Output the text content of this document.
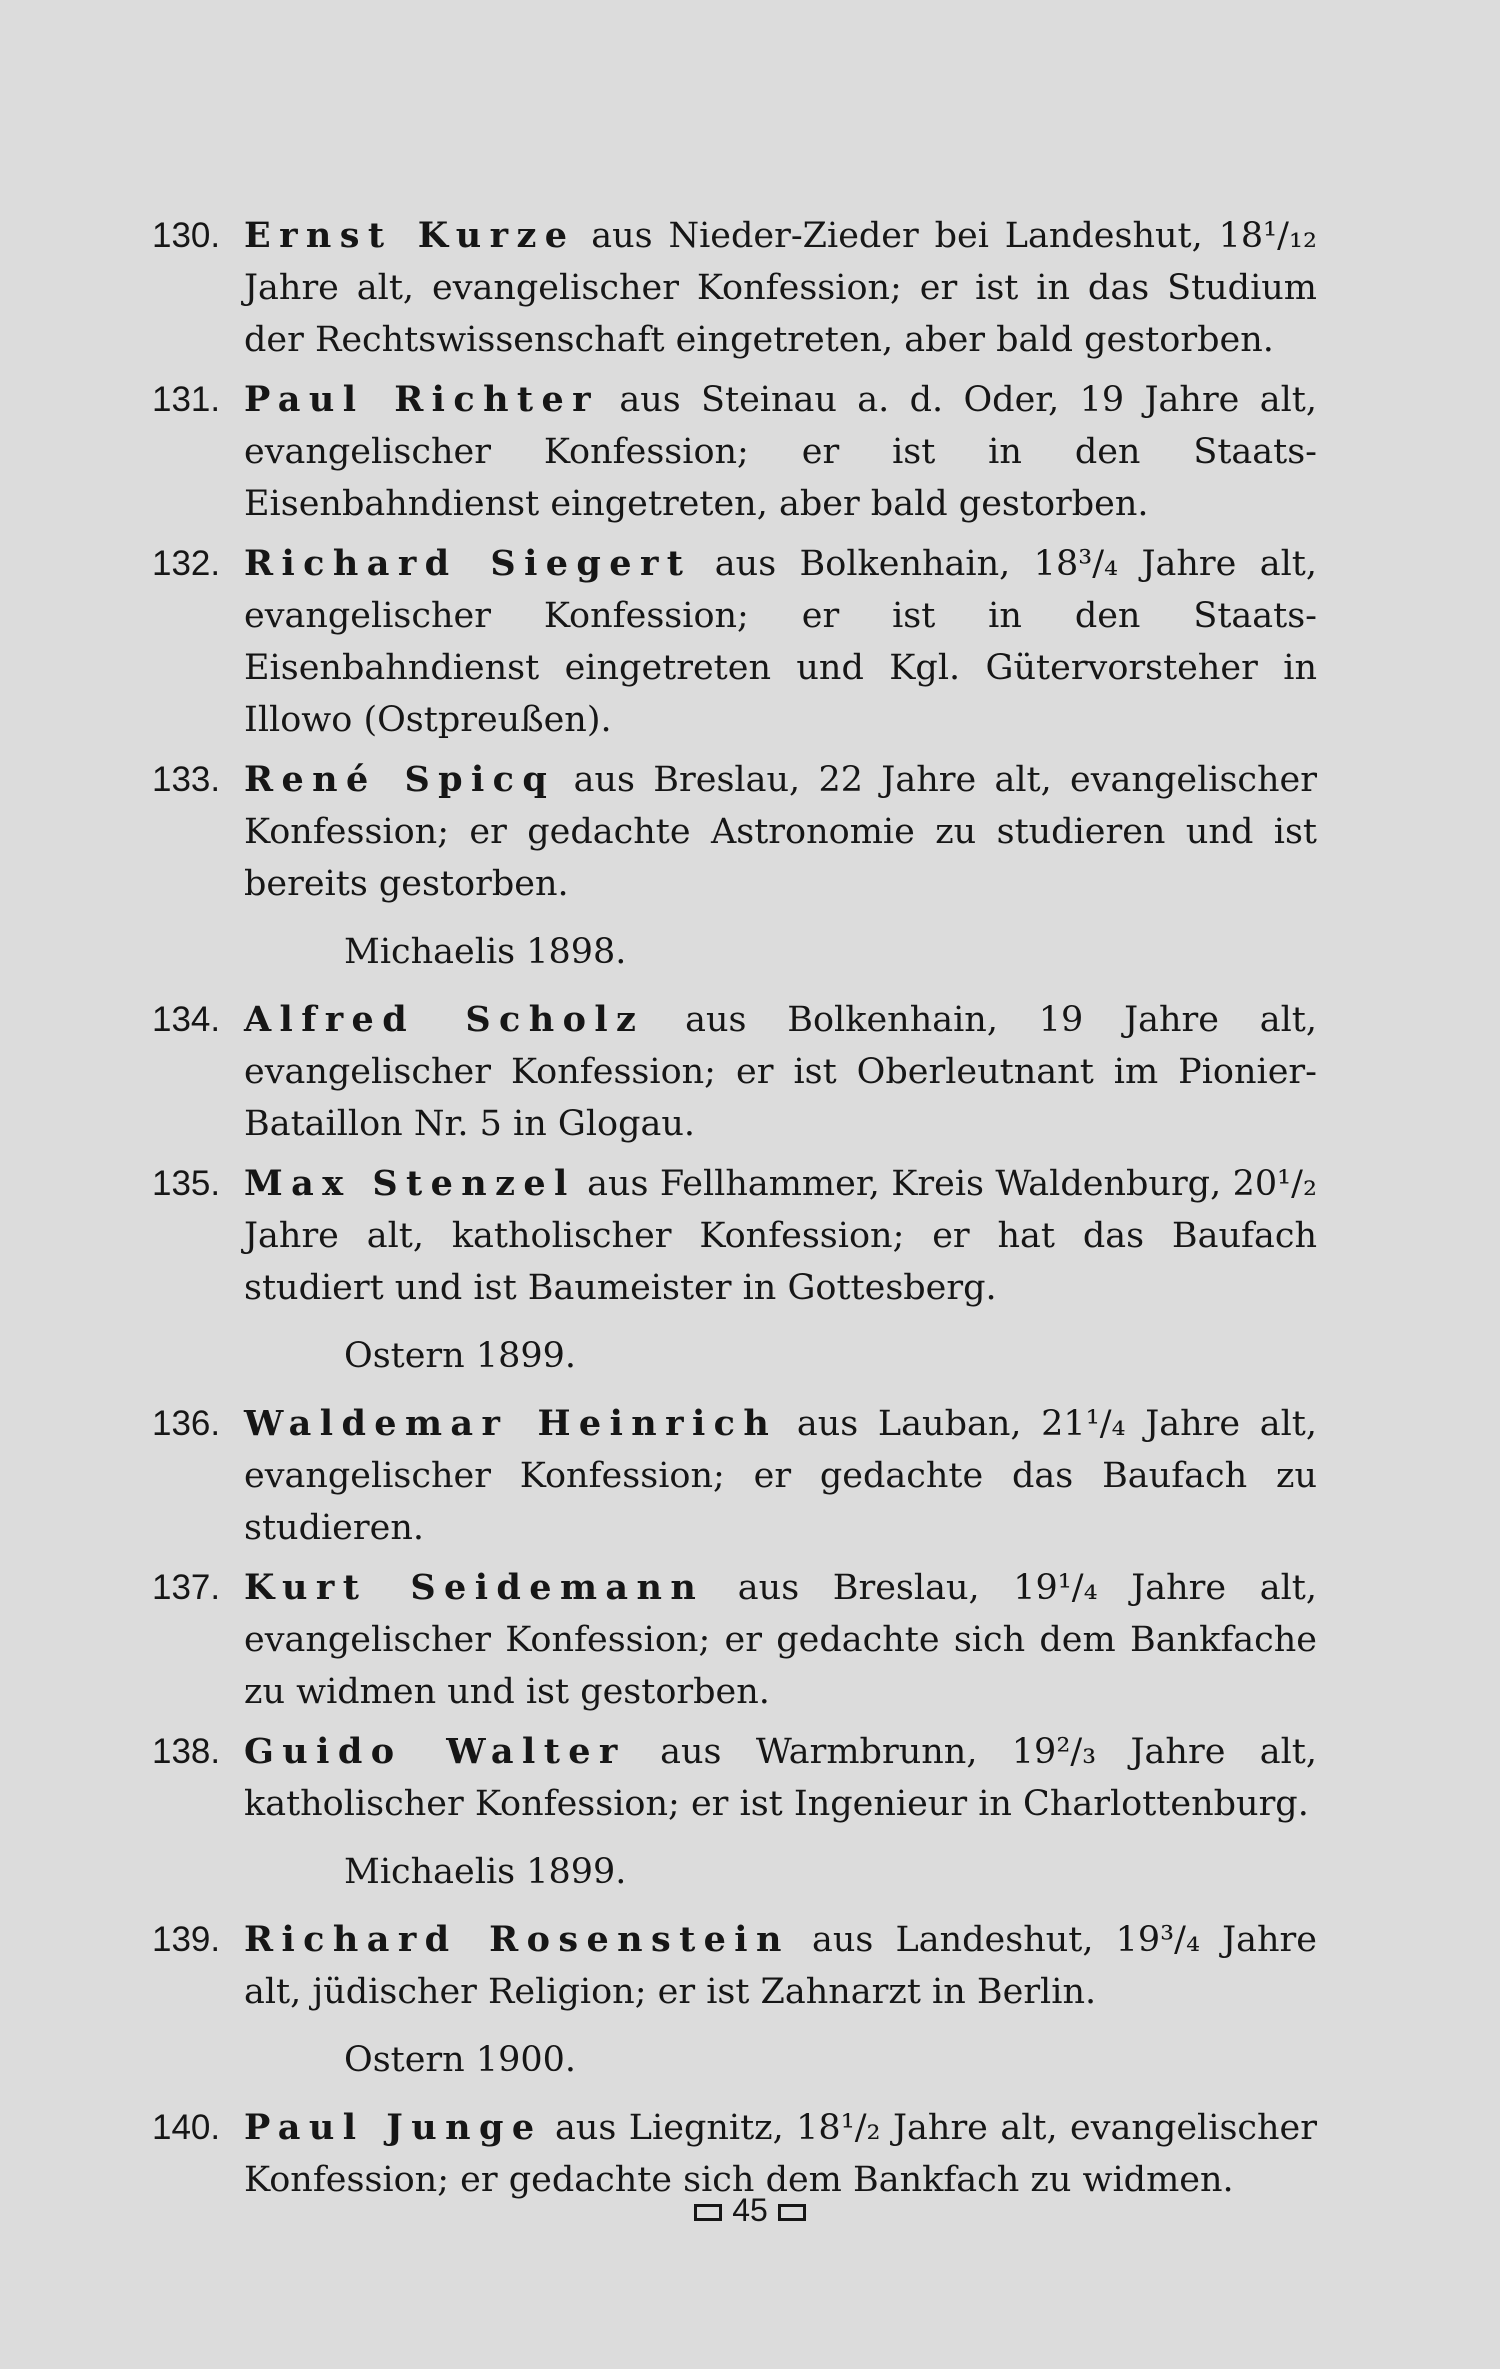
130. Ernst Kurze aus Nieder-Zieder bei Landeshut, 18¹/₁₂ Jahre alt, evangelischer Konfession; er ist in das Studium der Rechtswissenschaft eingetreten, aber bald gestorben.
131. Paul Richter aus Steinau a. d. Oder, 19 Jahre alt, evangelischer Konfession; er ist in den Staats-Eisenbahndienst eingetreten, aber bald gestorben.
132. Richard Siegert aus Bolkenhain, 18³/₄ Jahre alt, evangelischer Konfession; er ist in den Staats-Eisenbahndienst eingetreten und Kgl. Gütervorsteher in Illowo (Ostpreußen).
133. René Spicq aus Breslau, 22 Jahre alt, evangelischer Konfession; er gedachte Astronomie zu studieren und ist bereits gestorben.
Michaelis 1898.
134. Alfred Scholz aus Bolkenhain, 19 Jahre alt, evangelischer Konfession; er ist Oberleutnant im Pionier-Bataillon Nr. 5 in Glogau.
135. Max Stenzel aus Fellhammer, Kreis Waldenburg, 20¹/₂ Jahre alt, katholischer Konfession; er hat das Baufach studiert und ist Baumeister in Gottesberg.
Ostern 1899.
136. Waldemar Heinrich aus Lauban, 21¹/₄ Jahre alt, evangelischer Konfession; er gedachte das Baufach zu studieren.
137. Kurt Seidemann aus Breslau, 19¹/₄ Jahre alt, evangelischer Konfession; er gedachte sich dem Bankfache zu widmen und ist gestorben.
138. Guido Walter aus Warmbrunn, 19²/₃ Jahre alt, katholischer Konfession; er ist Ingenieur in Charlottenburg.
Michaelis 1899.
139. Richard Rosenstein aus Landeshut, 19³/₄ Jahre alt, jüdischer Religion; er ist Zahnarzt in Berlin.
Ostern 1900.
140. Paul Junge aus Liegnitz, 18¹/₂ Jahre alt, evangelischer Konfession; er gedachte sich dem Bankfach zu widmen.
45
